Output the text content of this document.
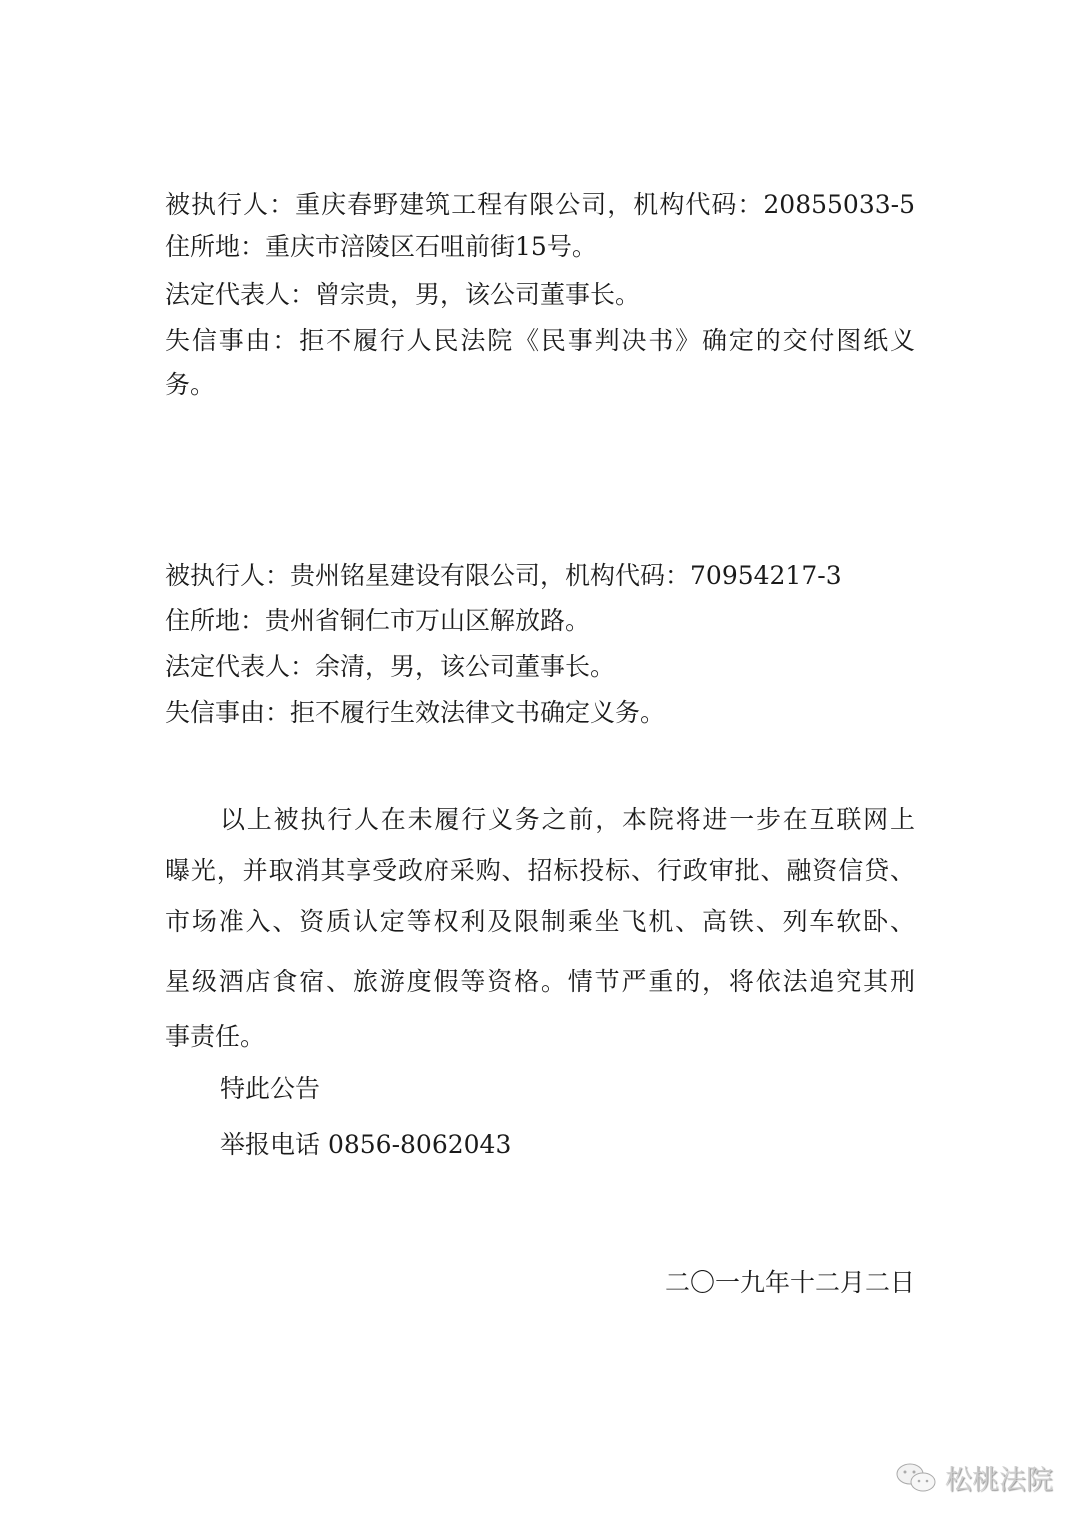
被执行人：重庆春野建筑工程有限公司，机构代码：20855033-5
住所地：重庆市涪陵区石咀前街15号。
法定代表人：曾宗贵，男，该公司董事长。
失信事由：拒不履行人民法院《民事判决书》确定的交付图纸义
务。
被执行人：贵州铭星建设有限公司，机构代码：70954217-3
住所地：贵州省铜仁市万山区解放路。
法定代表人：余清，男，该公司董事长。
失信事由：拒不履行生效法律文书确定义务。
以上被执行人在未履行义务之前，本院将进一步在互联网上
曝光，并取消其享受政府采购、招标投标、行政审批、融资信贷、
市场准入、资质认定等权利及限制乘坐飞机、高铁、列车软卧、
星级酒店食宿、旅游度假等资格。情节严重的，将依法追究其刑
事责任。
特此公告
举报电话 0856-8062043
二〇一九年十二月二日
松桃法院
